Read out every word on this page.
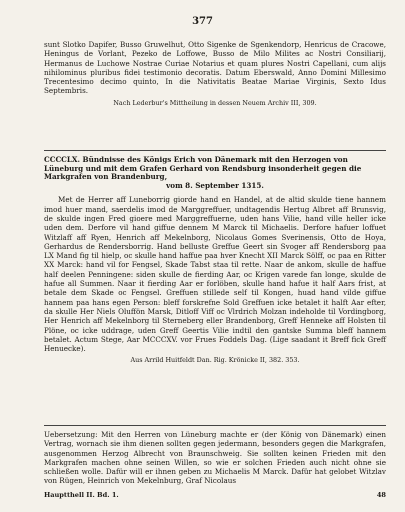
377

sunt Slotko Dapifer, Busso Gruwelhut, Otto Sigenke de Sgenkendorp, Henricus de Cracowe, Heningus de Vorlant, Pezeko de Loffowe, Busso de Milo Milites ac Nostri Consiliarij, Hermanus de Luchowe Nostrae Curiae Notarius et quam plures Nostri Capellani, cum alijs nihilominus pluribus fidei testimonio decoratis. Datum Eberswald, Anno Domini Millesimo Trecentesimo decimo quinto, In die Nativitatis Beatae Mariae Virginis, Sexto Idus Septembris.

Nach Lederbur's Mittheilung in dessen Neuem Archiv III, 309.

CCCCLX. Bündnisse des Königs Erich von Dänemark mit den Herzogen von Lüneburg und mit dem Grafen Gerhard von Rendsburg insonderheit gegen die Markgrafen von Brandenburg,
vom 8. September 1315.

Met de Herrer aff Luneborrig giorde hand en Handel, at de altid skulde tiene hannem imod huer mand, saerdelis imod de Marggreffuer, undtagendis Hertug Albret aff Brunsvig, de skulde ingen Fred gioere med Marggreffuerne, uden hans Vilie, hand ville heller icke uden dem. Derfore vil hand giffue dennem M Marck til Michaelis. Derfore hafuer loffuet Witzlaff aff Ryen, Henrich aff Mekelnborg, Nicolaus Gomes Sverinensis, Otto de Hoya, Gerhardus de Rendersborrig. Hand belluste Greffue Geert sin Svoger aff Rendersborg paa LX Mand fig til hielp, oc skulle hand haffue paa hver Knecht XII Marck Sölff, oc paa en Ritter XX Marck: hand vil for Fengsel, Skade Tabst staa til rette. Naar de ankom, skulle de haffue half deelen Penningene: siden skulle de fierding Aar, oc Krigen varede fan longe, skulde de hafue all Summen. Naar it fierding Aar er forlöben, skulle hand hafue it half Aars frist, at betale dem Skade oc Fengsel. Greffuen stillede self til Kongen, huad hand vilde giffue hannem paa hans egen Person: bleff forskrefne Sold Greffuen icke betalet it halft Aar efter, da skulle Her Niels Oluffön Marsk, Ditloff Viff oc Vlrdrich Molzan indeholde til Vordingborg, Her Henrich aff Mekelnborg til Sterneberg eller Brandenborg, Greff Henneke aff Holsten til Plöne, oc icke uddrage, uden Greff Geertis Vilie indtil den gantske Summa bleff hannem betalet. Actum Stege, Aar MCCCXV. vor Frues Foddels Dag. (Lige saadant it Breff fick Greff Henuecke).

Aus Arrild Huitfeldt Dan. Rig. Krönicke II, 382. 353.

Uebersetzung: Mit den Herren von Lüneburg machte er (der König von Dänemark) einen Vertrag, wornach sie ihm dienen sollten gegen jedermann, besonders gegen die Markgrafen, ausgenommen Herzog Albrecht von Braunschweig. Sie sollten keinen Frieden mit den Markgrafen machen ohne seinen Willen, so wie er solchen Frieden auch nicht ohne sie schließen wolle. Dafür will er ihnen geben zu Michaelis M Marck. Dafür hat gelobet Witzlav von Rügen, Heinrich von Mekelnburg, Graf Nicolaus

Hauptthell II. Bd. 1.	48
